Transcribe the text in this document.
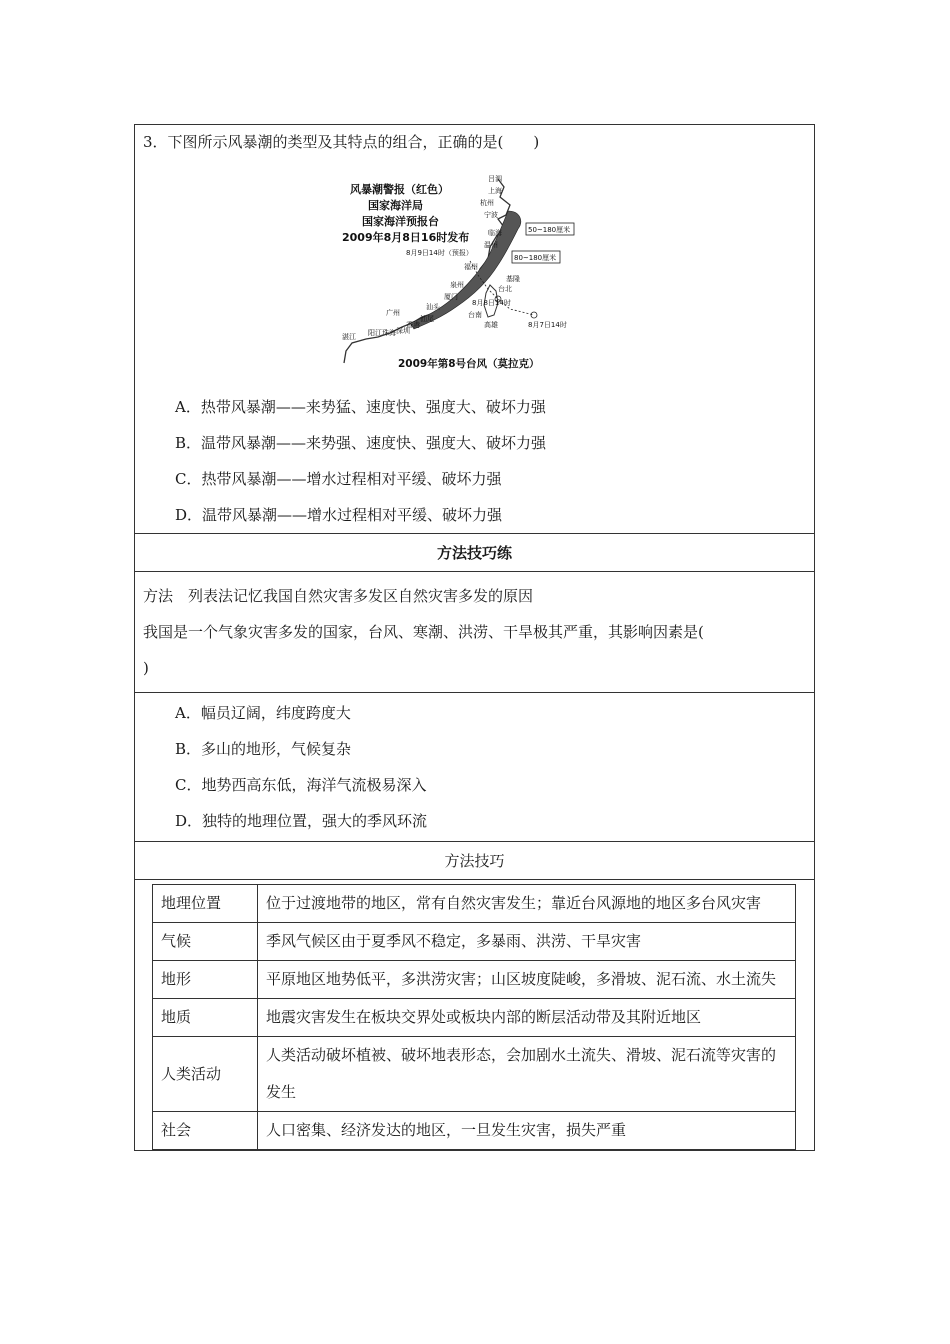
3．下图所示风暴潮的类型及其特点的组合，正确的是(　　)
风暴潮警报（红色）
国家海洋局
国家海洋预报台
2009年8月8日16时发布
8月9日14时（预报）
50~180厘米
80~180厘米
吕泗
上海
杭州
宁波
临海
温州
福州
泉州
厦门
汕头
汕尾
广州
阳江 珠海 深圳
香港
湛江
台北
基隆
台南
高雄
8月8日14时
8月7日14时
2009年第8号台风（莫拉克）
A．热带风暴潮——来势猛、速度快、强度大、破坏力强
B．温带风暴潮——来势强、速度快、强度大、破坏力强
C．热带风暴潮——增水过程相对平缓、破坏力强
D．温带风暴潮——增水过程相对平缓、破坏力强
方法技巧练
方法　列表法记忆我国自然灾害多发区自然灾害多发的原因
我国是一个气象灾害多发的国家，台风、寒潮、洪涝、干旱极其严重，其影响因素是(
)
A．幅员辽阔，纬度跨度大
B．多山的地形，气候复杂
C．地势西高东低，海洋气流极易深入
D．独特的地理位置，强大的季风环流
方法技巧
地理位置	位于过渡地带的地区，常有自然灾害发生；靠近台风源地的地区多台风灾害
气候	季风气候区由于夏季风不稳定，多暴雨、洪涝、干旱灾害
地形	平原地区地势低平，多洪涝灾害；山区坡度陡峻，多滑坡、泥石流、水土流失
地质	地震灾害发生在板块交界处或板块内部的断层活动带及其附近地区
人类活动	人类活动破坏植被、破坏地表形态，会加剧水土流失、滑坡、泥石流等灾害的发生
社会	人口密集、经济发达的地区，一旦发生灾害，损失严重
